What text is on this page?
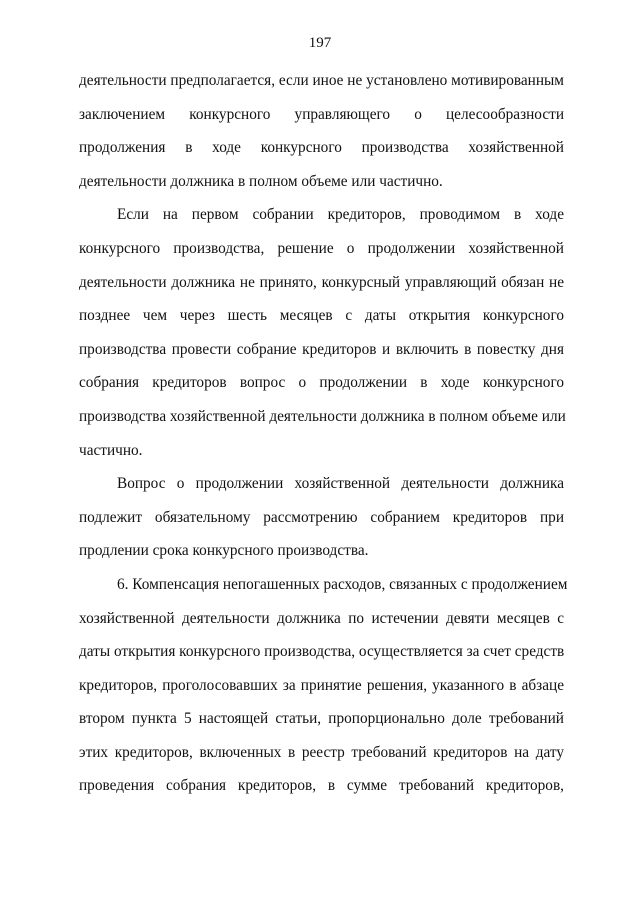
197
деятельности предполагается, если иное не установлено мотивированным
заключением конкурсного управляющего о целесообразности
продолжения в ходе конкурсного производства хозяйственной
деятельности должника в полном объеме или частично.
Если на первом собрании кредиторов, проводимом в ходе
конкурсного производства, решение о продолжении хозяйственной
деятельности должника не принято, конкурсный управляющий обязан не
позднее чем через шесть месяцев с даты открытия конкурсного
производства провести собрание кредиторов и включить в повестку дня
собрания кредиторов вопрос о продолжении в ходе конкурсного
производства хозяйственной деятельности должника в полном объеме или
частично.
Вопрос о продолжении хозяйственной деятельности должника
подлежит обязательному рассмотрению собранием кредиторов при
продлении срока конкурсного производства.
6. Компенсация непогашенных расходов, связанных с продолжением
хозяйственной деятельности должника по истечении девяти месяцев с
даты открытия конкурсного производства, осуществляется за счет средств
кредиторов, проголосовавших за принятие решения, указанного в абзаце
втором пункта 5 настоящей статьи, пропорционально доле требований
этих кредиторов, включенных в реестр требований кредиторов на дату
проведения собрания кредиторов, в сумме требований кредиторов,
